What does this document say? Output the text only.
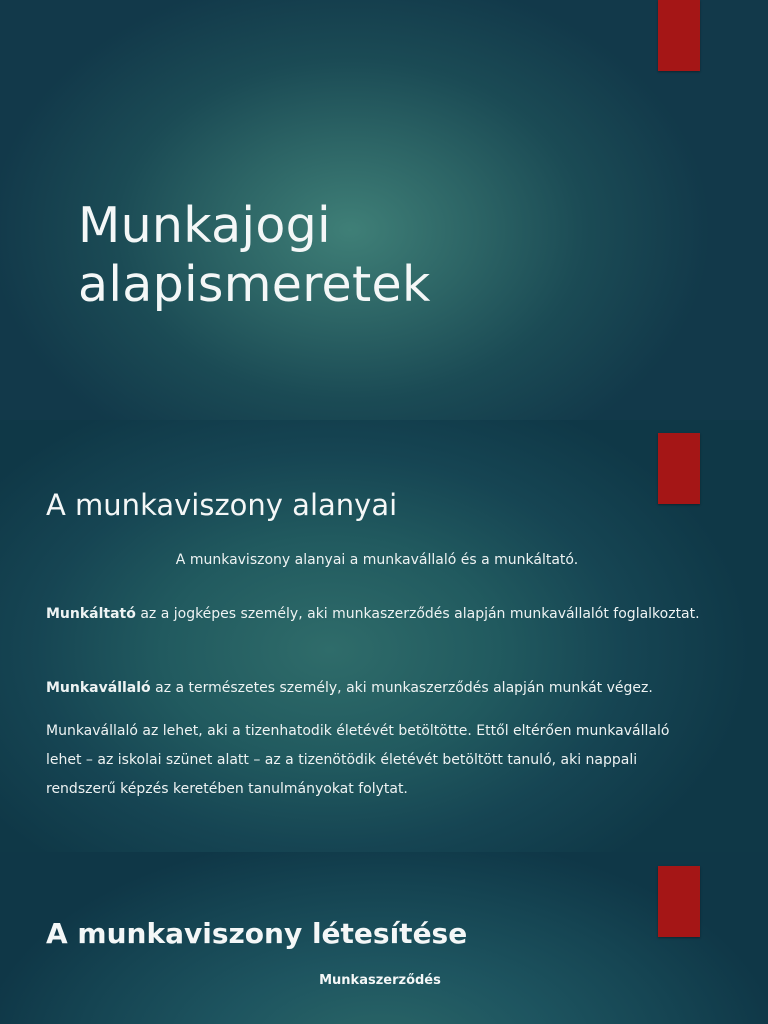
Munkajogi
alapismeretek
A munkaviszony alanyai
A munkaviszony alanyai a munkavállaló és a munkáltató.
Munkáltató az a jogképes személy, aki munkaszerződés alapján munkavállalót foglalkoztat.
Munkavállaló az a természetes személy, aki munkaszerződés alapján munkát végez.
Munkavállaló az lehet, aki a tizenhatodik életévét betöltötte. Ettől eltérően munkavállaló lehet – az iskolai szünet alatt – az a tizenötödik életévét betöltött tanuló, aki nappali rendszerű képzés keretében tanulmányokat folytat.
A munkaviszony létesítése
Munkaszerződés
